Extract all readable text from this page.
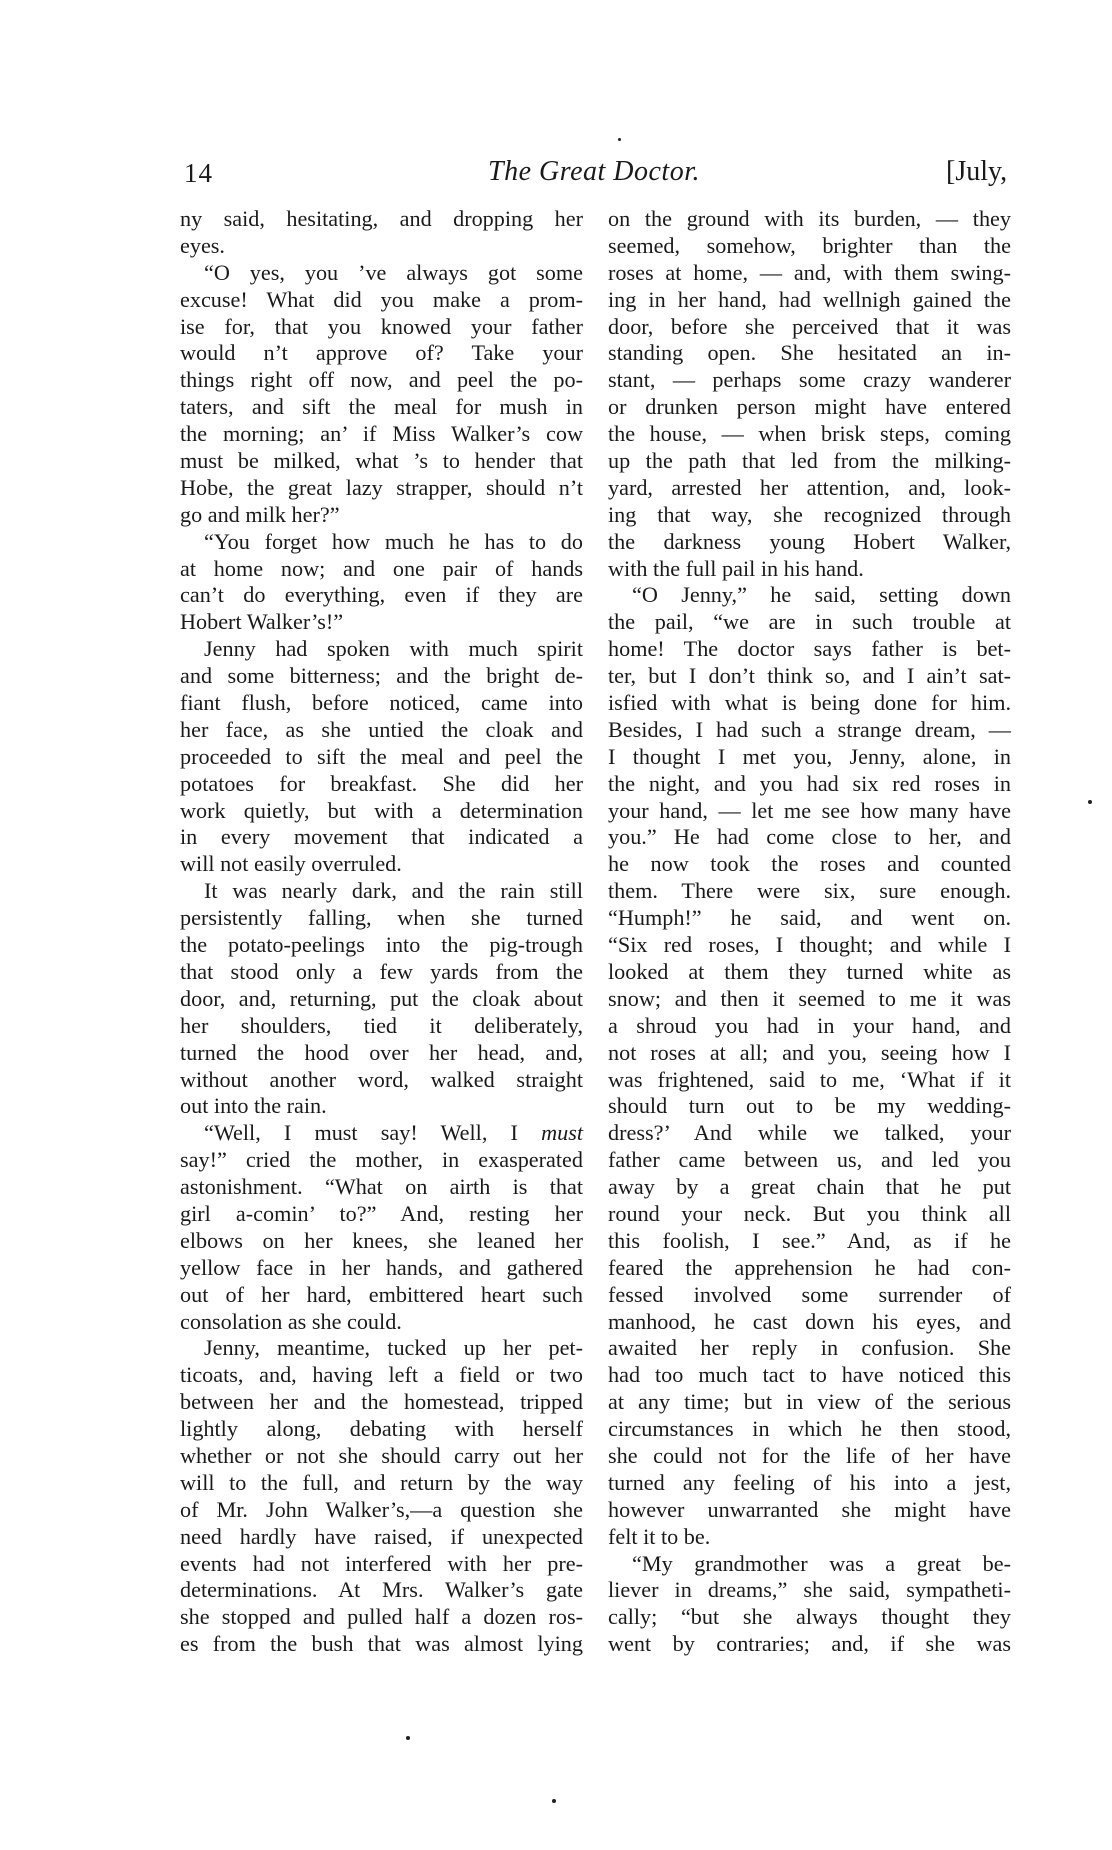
14	The Great Doctor.	[July,
ny said, hesitating, and dropping her
eyes.
“O yes, you ’ve always got some
excuse! What did you make a prom-
ise for, that you knowed your father
would n’t approve of? Take your
things right off now, and peel the po-
taters, and sift the meal for mush in
the morning; an’ if Miss Walker’s cow
must be milked, what ’s to hender that
Hobe, the great lazy strapper, should n’t
go and milk her?”
“You forget how much he has to do
at home now; and one pair of hands
can’t do everything, even if they are
Hobert Walker’s!”
Jenny had spoken with much spirit
and some bitterness; and the bright de-
fiant flush, before noticed, came into
her face, as she untied the cloak and
proceeded to sift the meal and peel the
potatoes for breakfast. She did her
work quietly, but with a determination
in every movement that indicated a
will not easily overruled.
It was nearly dark, and the rain still
persistently falling, when she turned
the potato-peelings into the pig-trough
that stood only a few yards from the
door, and, returning, put the cloak about
her shoulders, tied it deliberately,
turned the hood over her head, and,
without another word, walked straight
out into the rain.
“Well, I must say! Well, I must
say!” cried the mother, in exasperated
astonishment. “What on airth is that
girl a-comin’ to?” And, resting her
elbows on her knees, she leaned her
yellow face in her hands, and gathered
out of her hard, embittered heart such
consolation as she could.
Jenny, meantime, tucked up her pet-
ticoats, and, having left a field or two
between her and the homestead, tripped
lightly along, debating with herself
whether or not she should carry out her
will to the full, and return by the way
of Mr. John Walker’s,—a question she
need hardly have raised, if unexpected
events had not interfered with her pre-
determinations. At Mrs. Walker’s gate
she stopped and pulled half a dozen ros-
es from the bush that was almost lying
on the ground with its burden, — they
seemed, somehow, brighter than the
roses at home, — and, with them swing-
ing in her hand, had wellnigh gained the
door, before she perceived that it was
standing open. She hesitated an in-
stant, — perhaps some crazy wanderer
or drunken person might have entered
the house, — when brisk steps, coming
up the path that led from the milking-
yard, arrested her attention, and, look-
ing that way, she recognized through
the darkness young Hobert Walker,
with the full pail in his hand.
“O Jenny,” he said, setting down
the pail, “we are in such trouble at
home! The doctor says father is bet-
ter, but I don’t think so, and I ain’t sat-
isfied with what is being done for him.
Besides, I had such a strange dream, —
I thought I met you, Jenny, alone, in
the night, and you had six red roses in
your hand, — let me see how many have
you.” He had come close to her, and
he now took the roses and counted
them. There were six, sure enough.
“Humph!” he said, and went on.
“Six red roses, I thought; and while I
looked at them they turned white as
snow; and then it seemed to me it was
a shroud you had in your hand, and
not roses at all; and you, seeing how I
was frightened, said to me, ‘What if it
should turn out to be my wedding-
dress?’ And while we talked, your
father came between us, and led you
away by a great chain that he put
round your neck. But you think all
this foolish, I see.” And, as if he
feared the apprehension he had con-
fessed involved some surrender of
manhood, he cast down his eyes, and
awaited her reply in confusion. She
had too much tact to have noticed this
at any time; but in view of the serious
circumstances in which he then stood,
she could not for the life of her have
turned any feeling of his into a jest,
however unwarranted she might have
felt it to be.
“My grandmother was a great be-
liever in dreams,” she said, sympatheti-
cally; “but she always thought they
went by contraries; and, if she was
